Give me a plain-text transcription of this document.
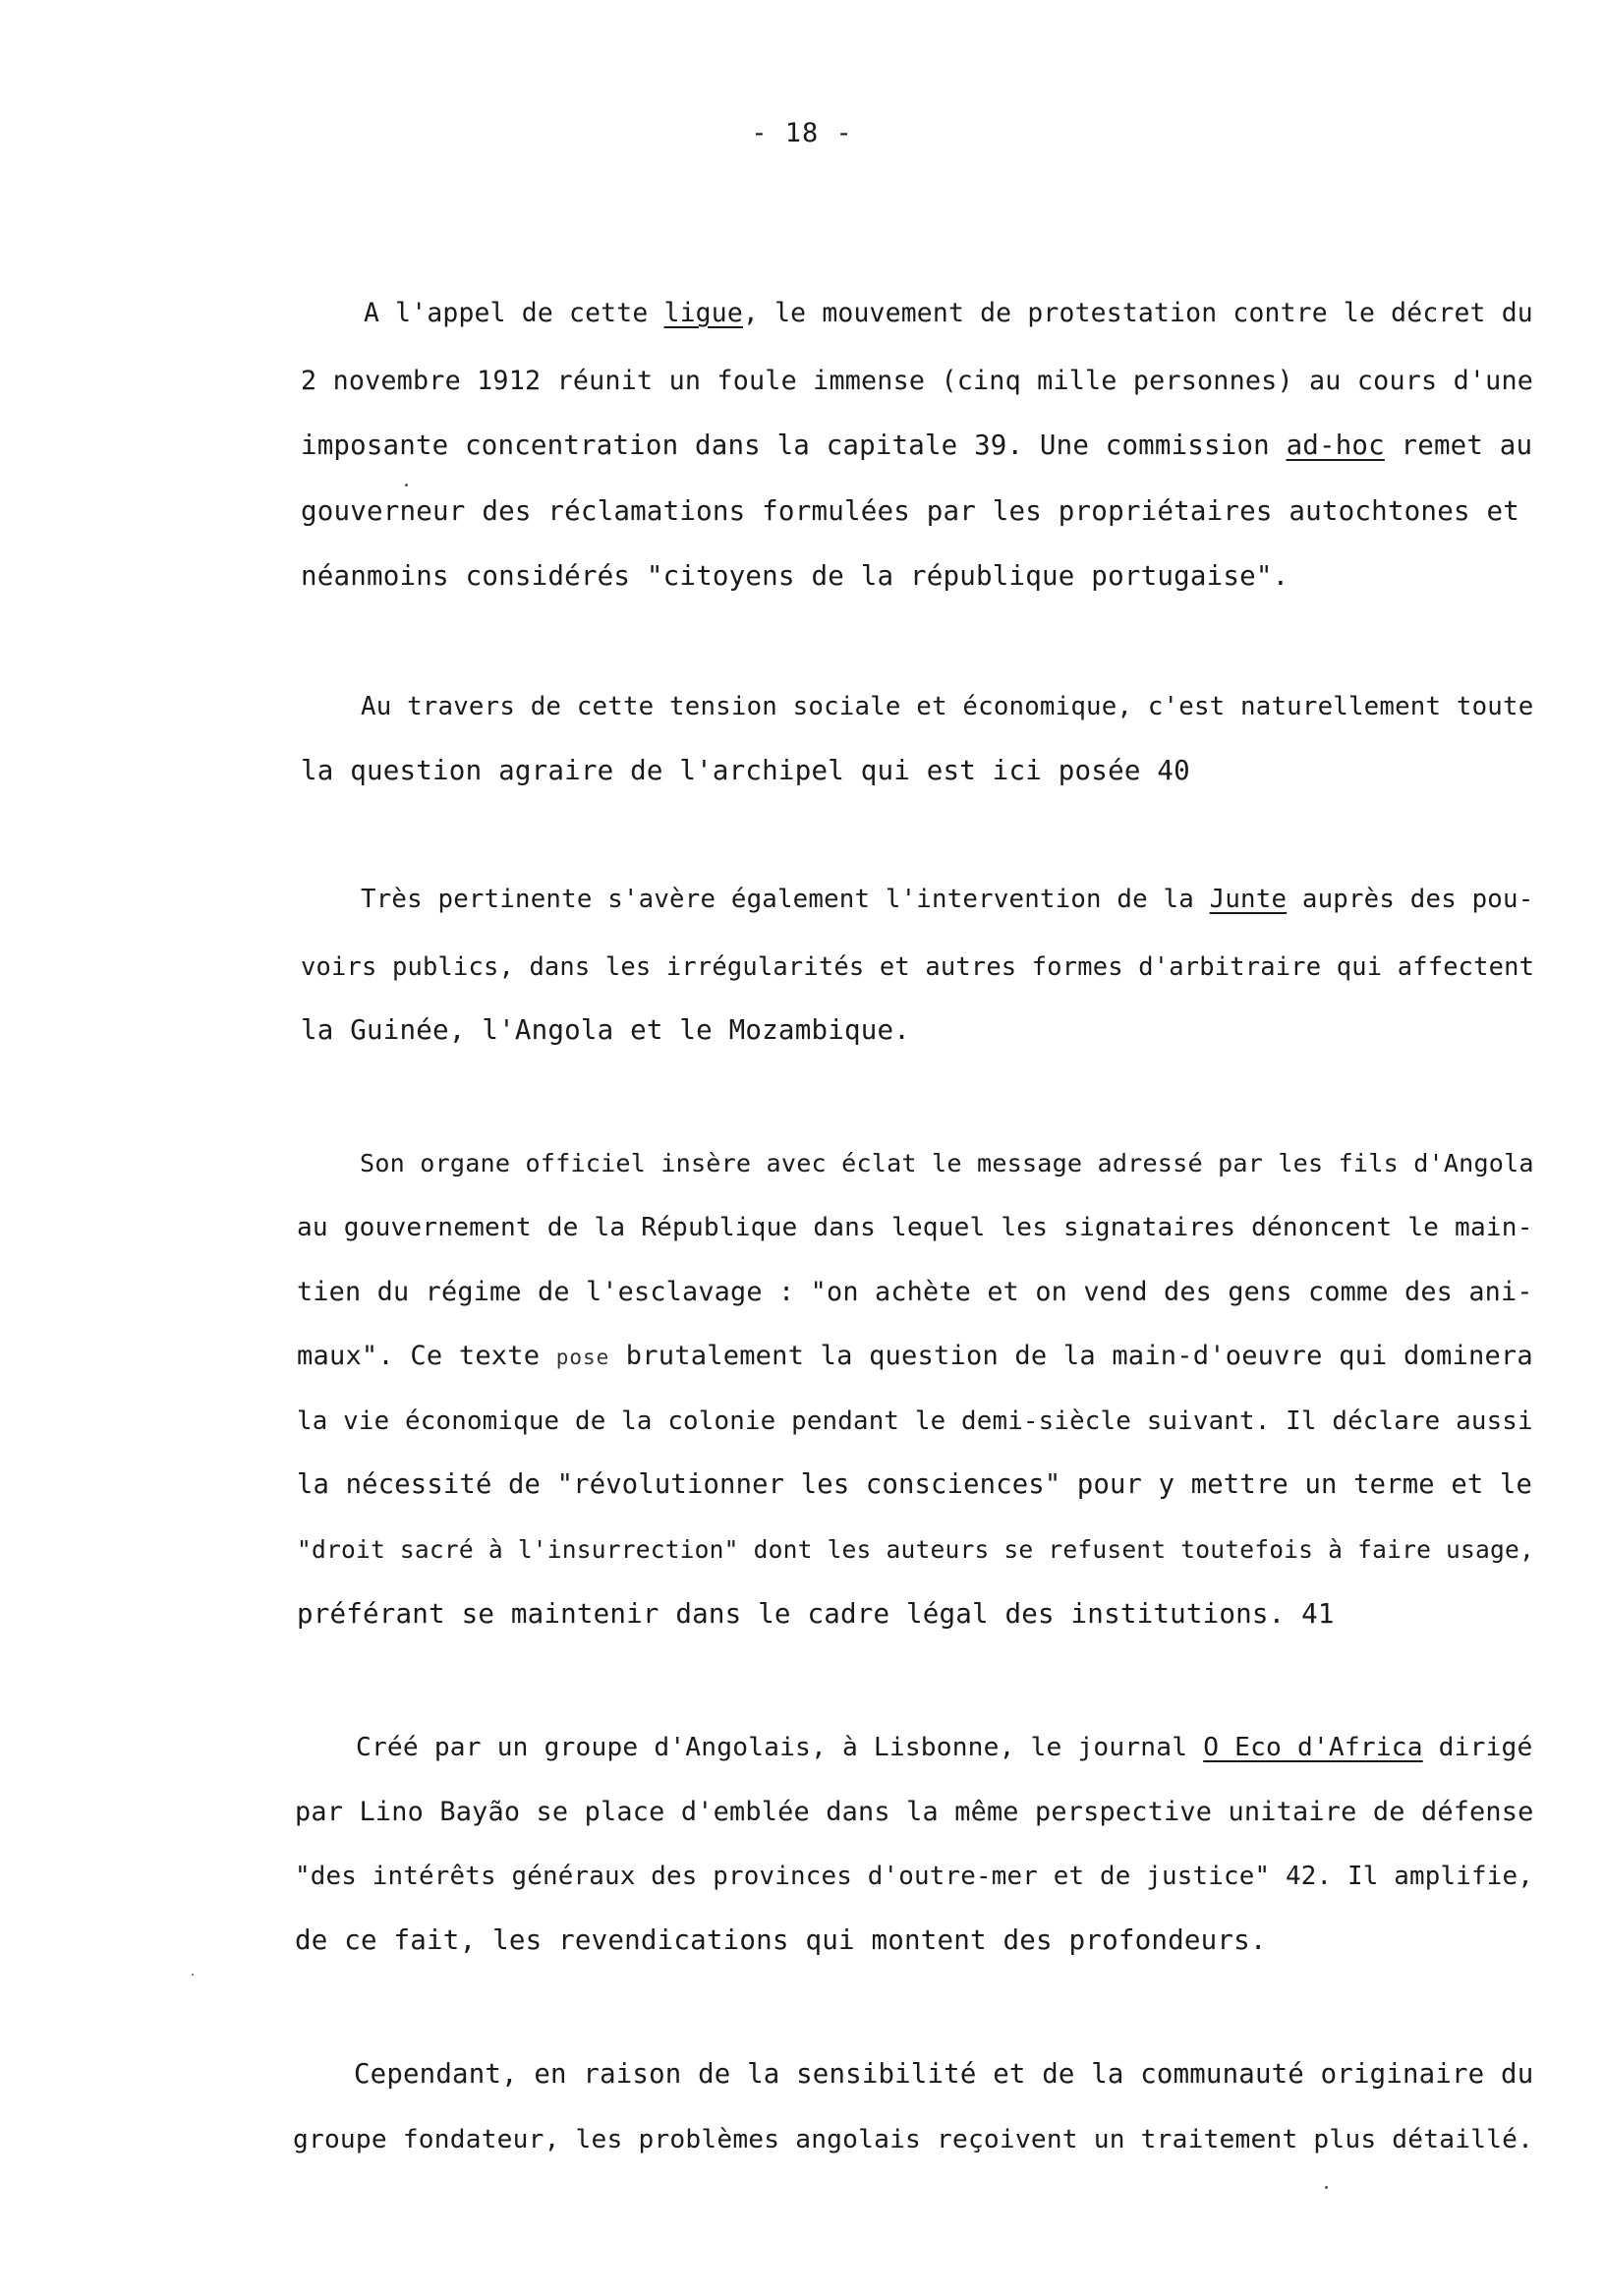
- 18 -
A l'appel de cette ligue, le mouvement de protestation contre le décret du
2 novembre 1912 réunit un foule immense (cinq mille personnes) au cours d'une
imposante concentration dans la capitale 39. Une commission ad-hoc remet au
gouverneur des réclamations formulées par les propriétaires autochtones et
néanmoins considérés "citoyens de la république portugaise".
Au travers de cette tension sociale et économique, c'est naturellement toute
la question agraire de l'archipel qui est ici posée 40
Très pertinente s'avère également l'intervention de la Junte auprès des pou-
voirs publics, dans les irrégularités et autres formes d'arbitraire qui affectent
la Guinée, l'Angola et le Mozambique.
Son organe officiel insère avec éclat le message adressé par les fils d'Angola
au gouvernement de la République dans lequel les signataires dénoncent le main-
tien du régime de l'esclavage : "on achète et on vend des gens comme des ani-
maux". Ce texte pose brutalement la question de la main-d'oeuvre qui dominera
la vie économique de la colonie pendant le demi-siècle suivant. Il déclare aussi
la nécessité de "révolutionner les consciences" pour y mettre un terme et le
"droit sacré à l'insurrection" dont les auteurs se refusent toutefois à faire usage,
préférant se maintenir dans le cadre légal des institutions. 41
Créé par un groupe d'Angolais, à Lisbonne, le journal O Eco d'Africa dirigé
par Lino Bayão se place d'emblée dans la même perspective unitaire de défense
"des intérêts généraux des provinces d'outre-mer et de justice" 42. Il amplifie,
de ce fait, les revendications qui montent des profondeurs.
Cependant, en raison de la sensibilité et de la communauté originaire du
groupe fondateur, les problèmes angolais reçoivent un traitement plus détaillé.
